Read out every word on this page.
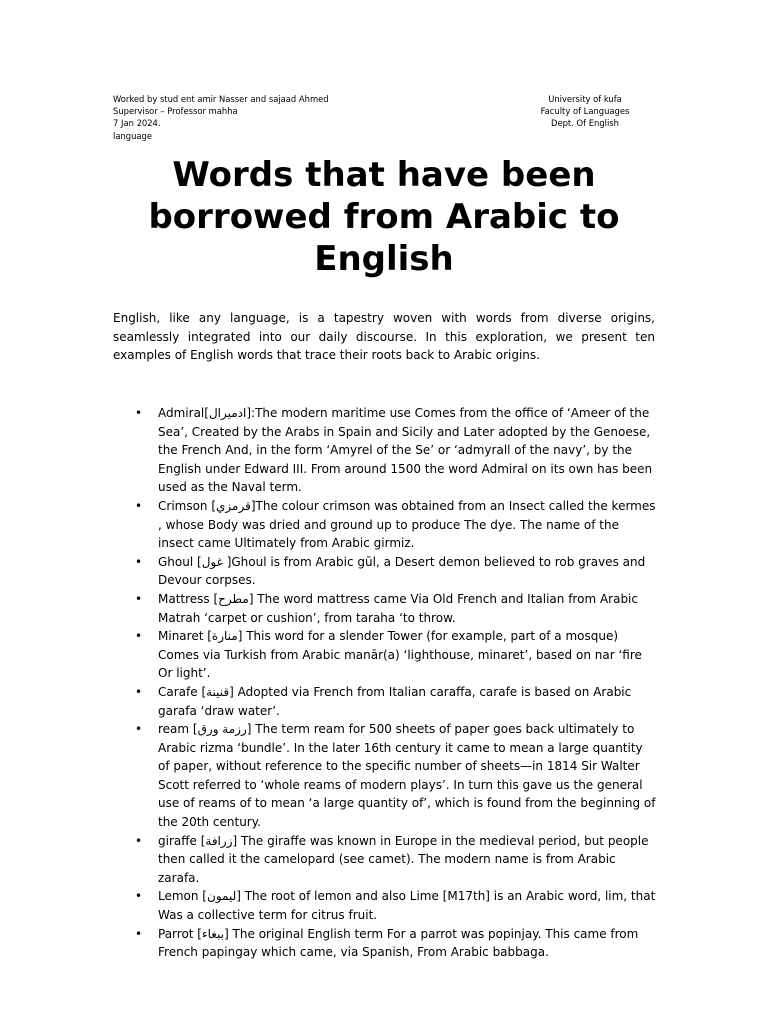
Worked by stud ent amir Nasser and sajaad Ahmed
Supervisor – Professor mahha
7 Jan 2024.
language
University of kufa
Faculty of Languages
Dept. Of English
Words that have been borrowed from Arabic to English

English, like any language, is a tapestry woven with words from diverse origins, seamlessly integrated into our daily discourse. In this exploration, we present ten examples of English words that trace their roots back to Arabic origins.

• Admiral[ادميرال]:The modern maritime use Comes from the office of ‘Ameer of the Sea’, Created by the Arabs in Spain and Sicily and Later adopted by the Genoese, the French And, in the form ‘Amyrel of the Se’ or ‘admyrall of the navy’, by the English under Edward III. From around 1500 the word Admiral on its own has been used as the Naval term.
• Crimson [قرمزي]The colour crimson was obtained from an Insect called the kermes , whose Body was dried and ground up to produce The dye. The name of the insect came Ultimately from Arabic girmiz.
• Ghoul [غول ]Ghoul is from Arabic gūl, a Desert demon believed to rob graves and Devour corpses.
• Mattress [مطرح] The word mattress came Via Old French and Italian from Arabic Matrah ‘carpet or cushion’, from taraha ‘to throw.
• Minaret [منارة] This word for a slender Tower (for example, part of a mosque) Comes via Turkish from Arabic manār(a) ‘lighthouse, minaret’, based on nar ‘fire Or light’.
• Carafe [قنينة] Adopted via French from Italian caraffa, carafe is based on Arabic garafa ‘draw water’.
• ream [رزمة ورق] The term ream for 500 sheets of paper goes back ultimately to Arabic rizma ‘bundle’. In the later 16th century it came to mean a large quantity of paper, without reference to the specific number of sheets—in 1814 Sir Walter Scott referred to ‘whole reams of modern plays’. In turn this gave us the general use of reams of to mean ‘a large quantity of’, which is found from the beginning of the 20th century.
• giraffe [زرافة] The giraffe was known in Europe in the medieval period, but people then called it the camelopard (see camet). The modern name is from Arabic zarafa.
• Lemon [ليمون] The root of lemon and also Lime [M17th] is an Arabic word, lim, that Was a collective term for citrus fruit.
• Parrot [ببغاء] The original English term For a parrot was popinjay. This came from French papingay which came, via Spanish, From Arabic babbaga.
